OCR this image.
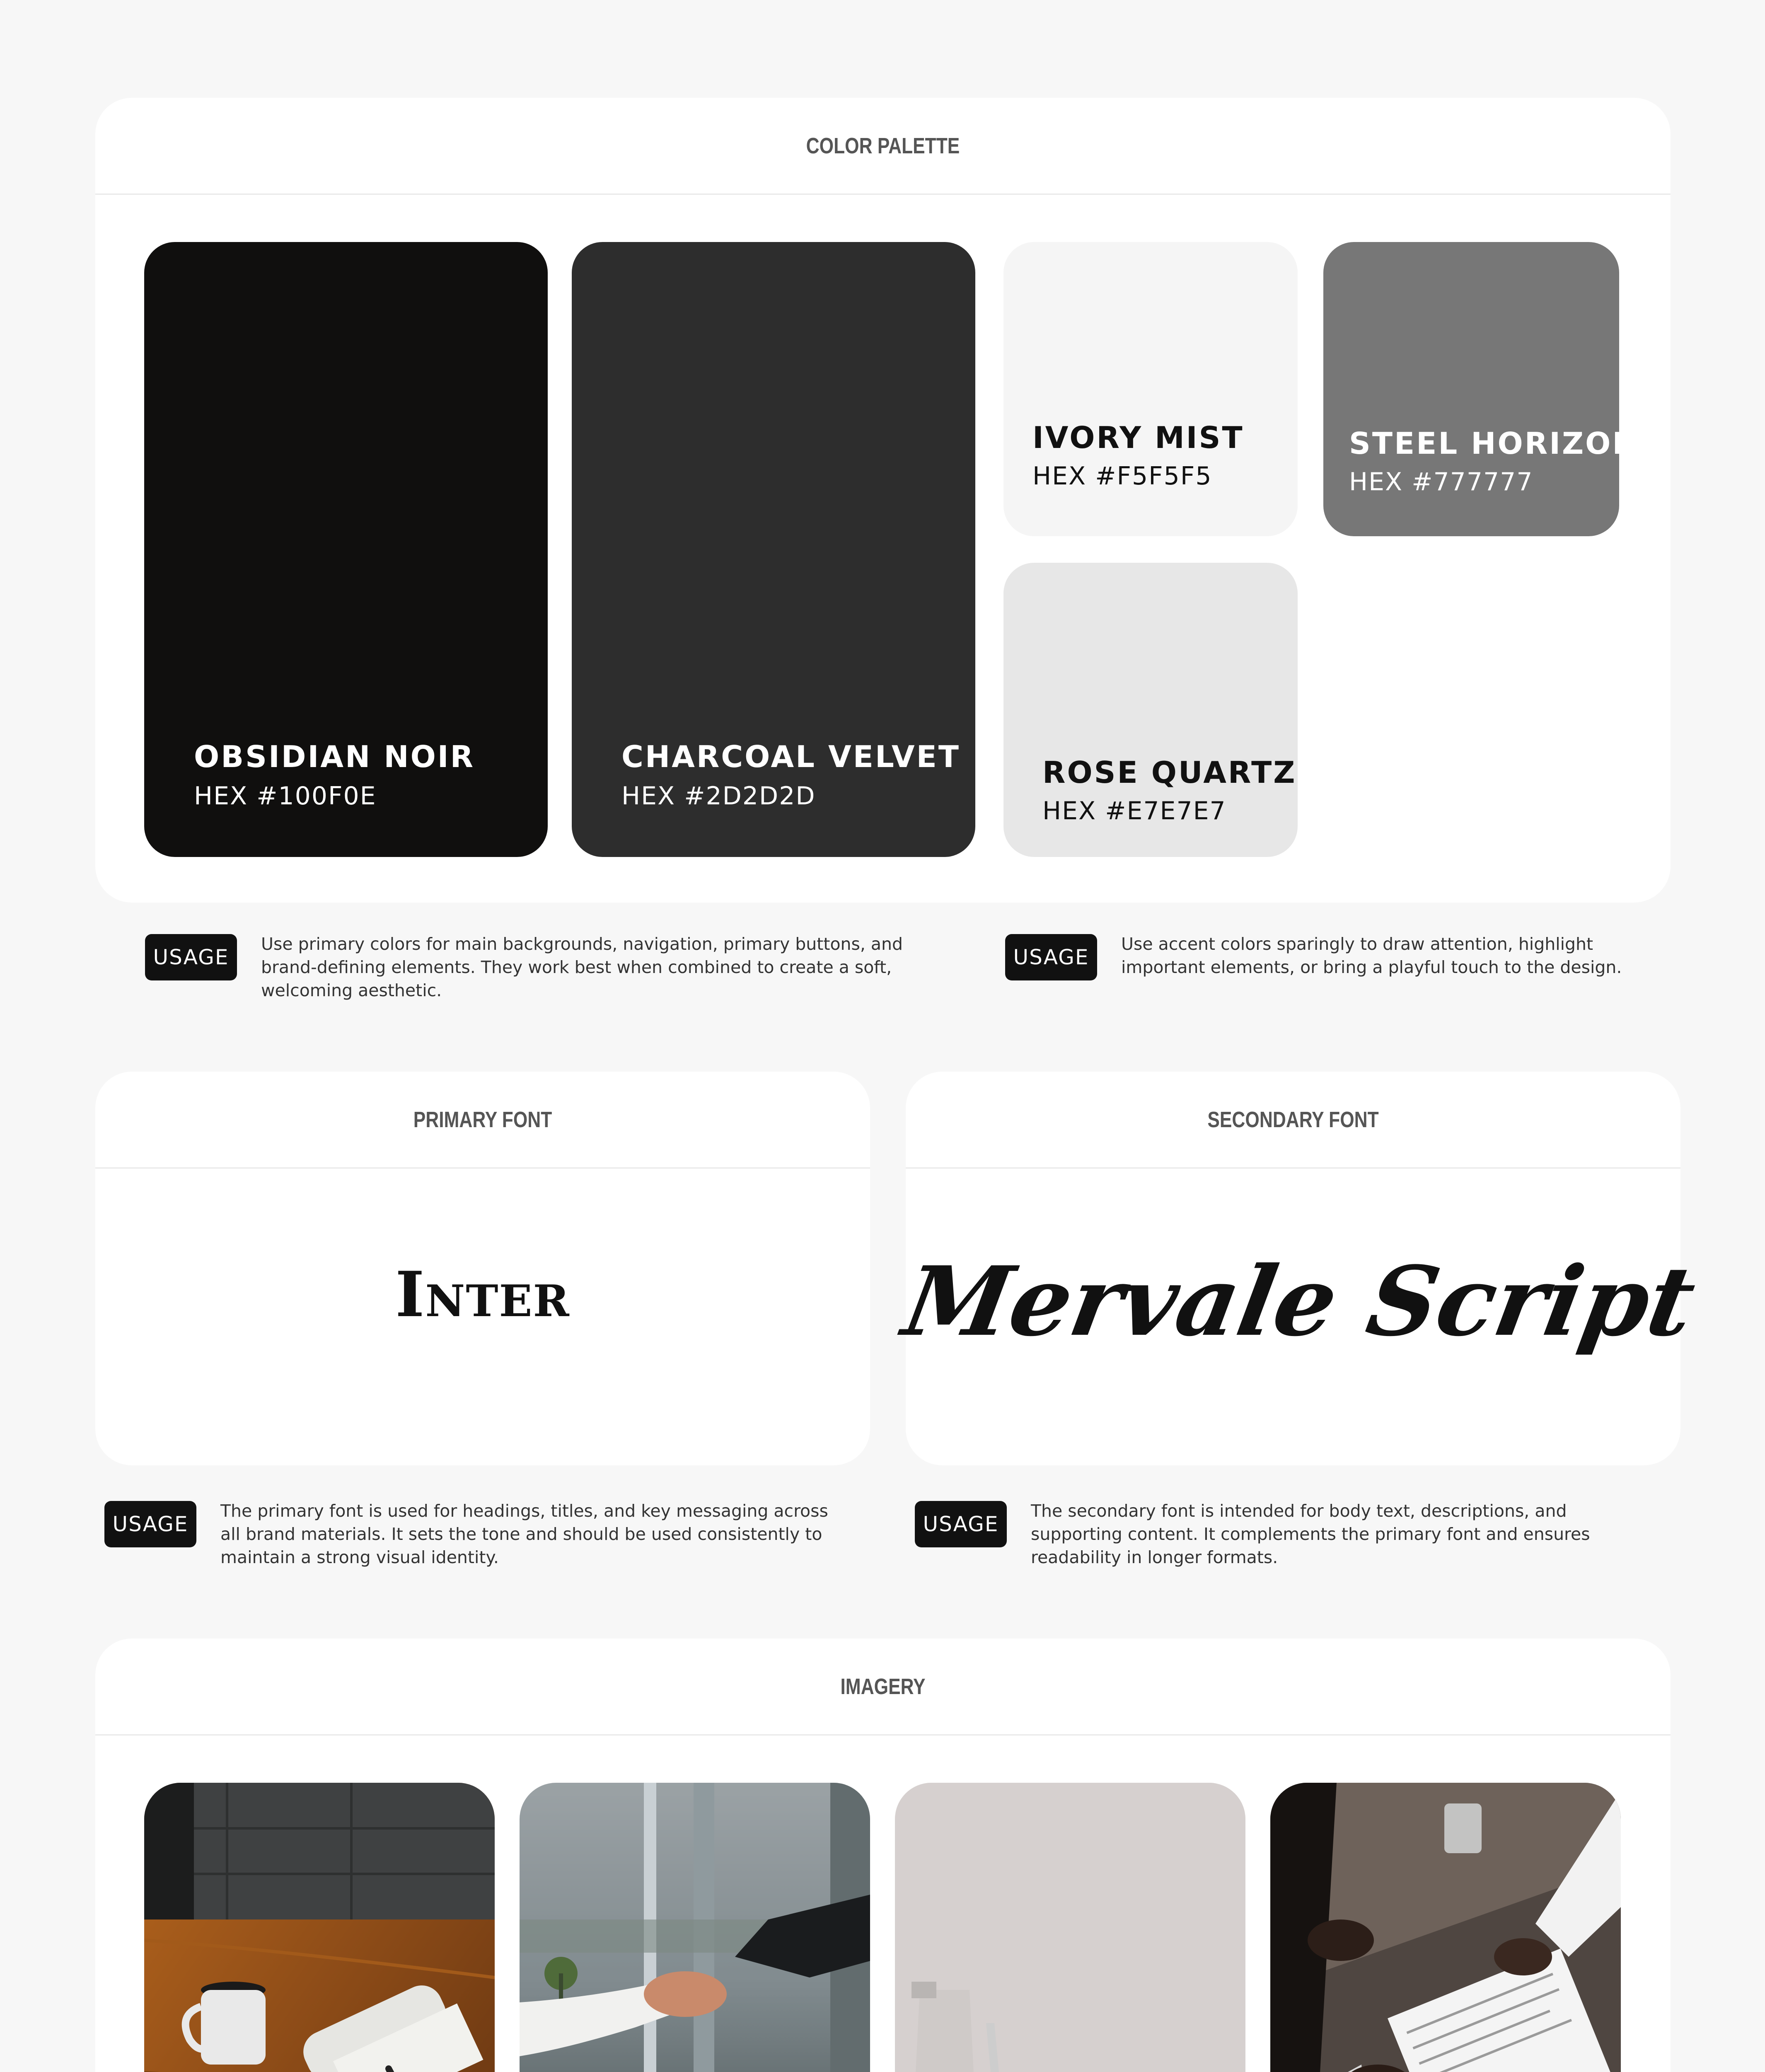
COLOR PALETTE
OBSIDIAN NOIR
HEX #100F0E
CHARCOAL VELVET
HEX #2D2D2D
IVORY MIST
HEX #F5F5F5
STEEL HORIZON
HEX #777777
ROSE QUARTZ
HEX #E7E7E7
USAGE
Use primary colors for main backgrounds, navigation, primary buttons, and brand-defining elements. They work best when combined to create a soft, welcoming aesthetic.
USAGE
Use accent colors sparingly to draw attention, highlight important elements, or bring a playful touch to the design.
PRIMARY FONT
Inter
SECONDARY FONT
Mervale Script
USAGE
The primary font is used for headings, titles, and key messaging across all brand materials. It sets the tone and should be used consistently to maintain a strong visual identity.
USAGE
The secondary font is intended for body text, descriptions, and supporting content. It complements the primary font and ensures readability in longer formats.
IMAGERY
